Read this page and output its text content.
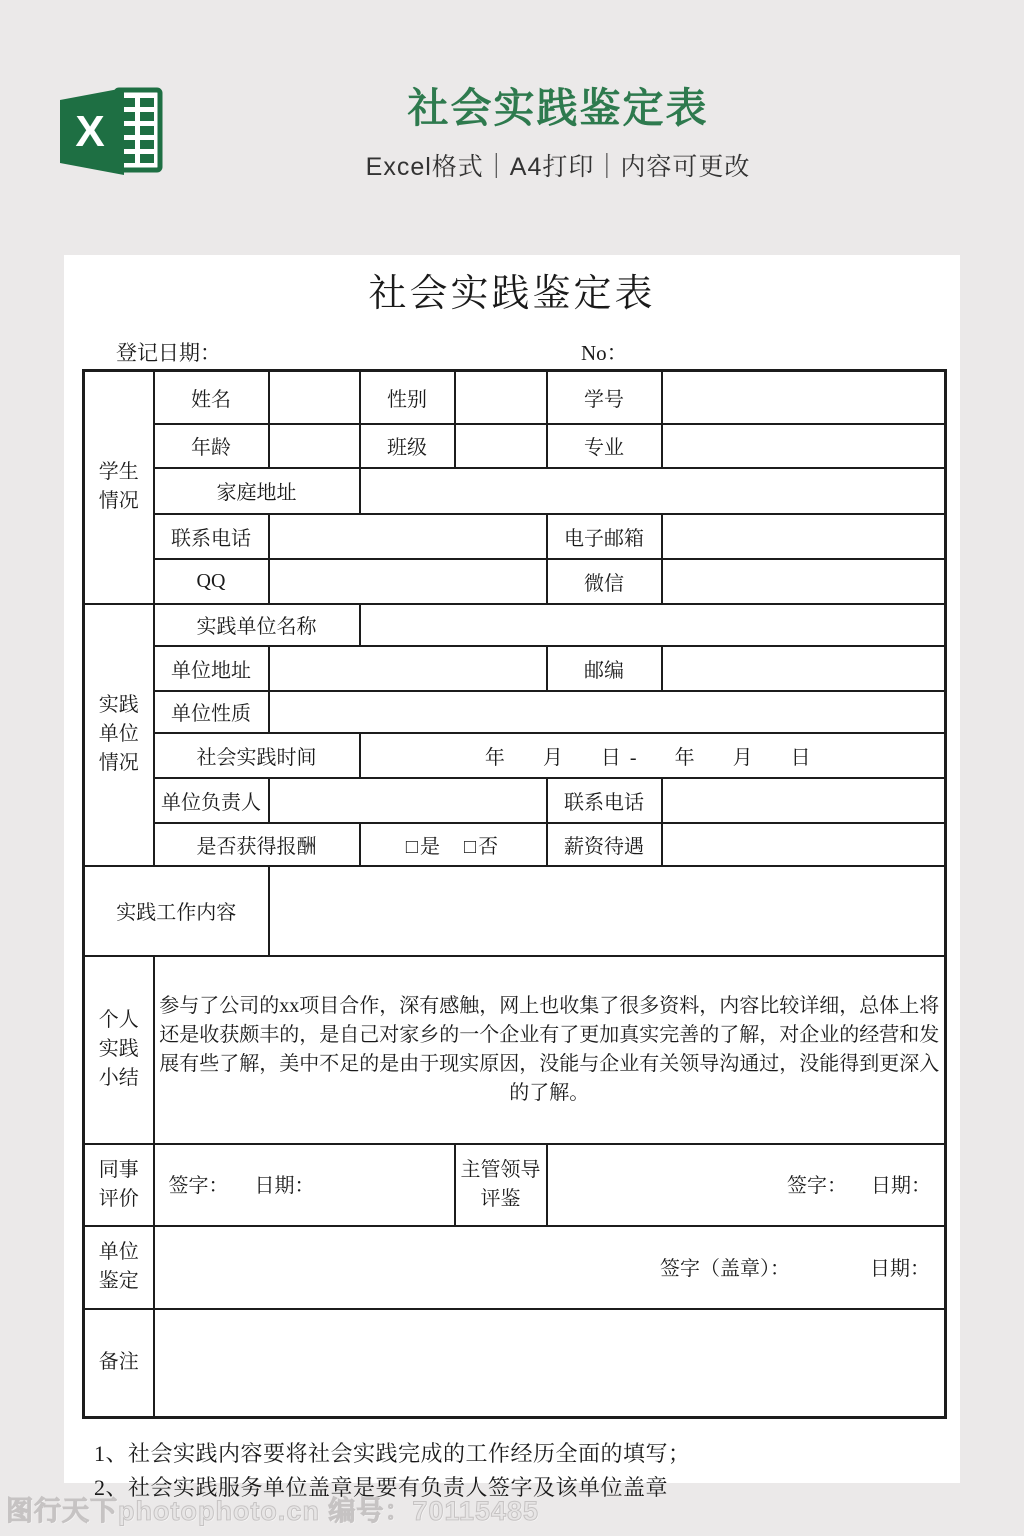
X	社会实践鉴定表
Excel格式｜A4打印｜内容可更改
社会实践鉴定表
登记日期：	No：
学生情况	姓名		性别		学号	
	年龄		班级		专业	
	家庭地址					
	联系电话				电子邮箱	
	QQ				微信	
实践单位情况	实践单位名称					
	单位地址				邮编	
	单位性质					
	社会实践时间		年　月　日-　年　月　日			
	单位负责人				联系电话	
	是否获得报酬		□是　□否		薪资待遇	
实践工作内容						
个人实践小结	参与了公司的xx项目合作，深有感触，网上也收集了很多资料，内容比较详细，总体上将还是收获颇丰的，是自己对家乡的一个企业有了更加真实完善的了解，对企业的经营和发展有些了解，美中不足的是由于现实原因，没能与企业有关领导沟通过，没能得到更深入的了解。					
同事评价	签字： 日期：			主管领导评鉴	签字： 日期：	

单位鉴定	签字（盖章）： 日期：					

备注						
1、社会实践内容要将社会实践完成的工作经历全面的填写；
2、社会实践服务单位盖章是要有负责人签字及该单位盖章
图行天下photophoto.cn 编号：70115485
